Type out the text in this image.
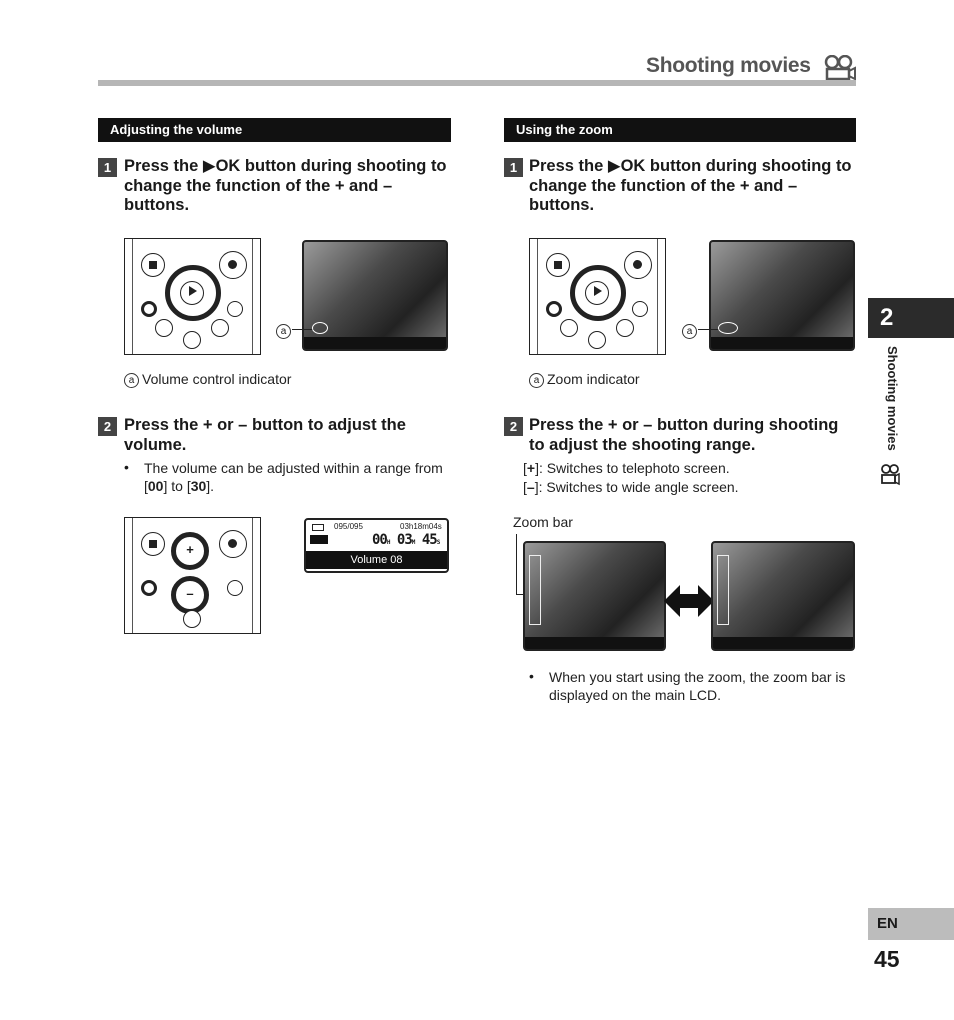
Shooting movies
Adjusting the volume
1 Press the ▶OK button during shooting to change the function of the + and – buttons.
a
a Volume control indicator
2 Press the + or – button to adjust the volume.
• The volume can be adjusted within a range from [00] to [30].
+
–
095/095	03h18m04s
00H 03M 45S
Volume 08
Using the zoom
1 Press the ▶OK button during shooting to change the function of the + and – buttons.
a
a Zoom indicator
2 Press the + or – button during shooting to adjust the shooting range.
[+]: Switches to telephoto screen.
[–]: Switches to wide angle screen.
Zoom bar
• When you start using the zoom, the zoom bar is displayed on the main LCD.
2
Shooting movies
EN
45
